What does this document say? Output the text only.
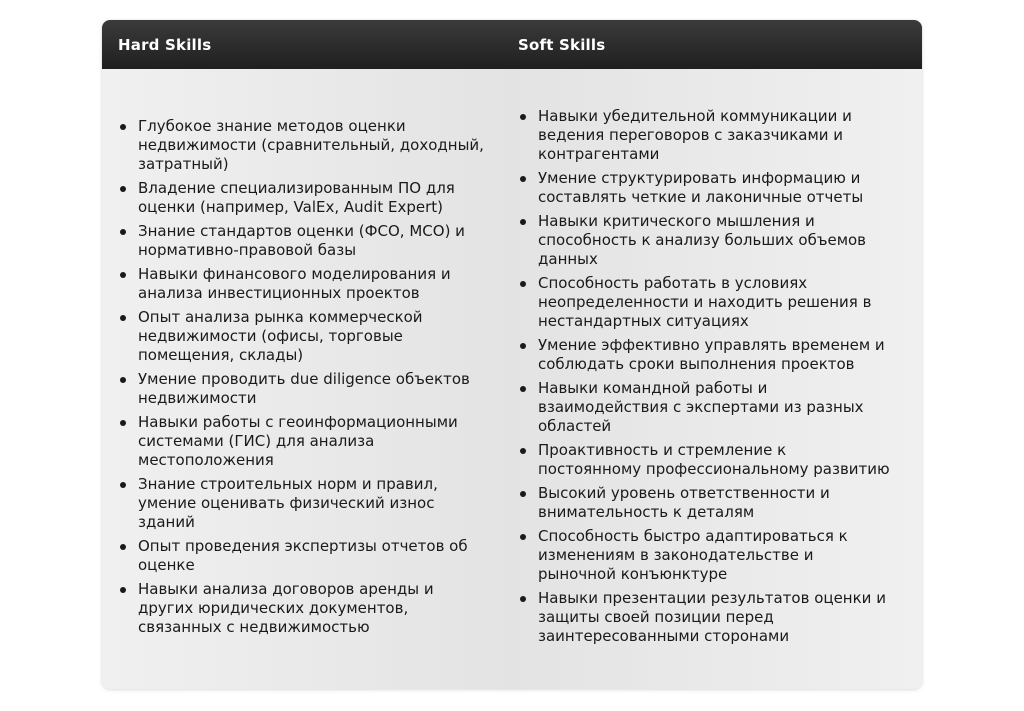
Hard Skills	Soft Skills
Глубокое знание методов оценки недвижимости (сравнительный, доходный, затратный)
Владение специализированным ПО для оценки (например, ValEx, Audit Expert)
Знание стандартов оценки (ФСО, МСО) и нормативно-правовой базы
Навыки финансового моделирования и анализа инвестиционных проектов
Опыт анализа рынка коммерческой недвижимости (офисы, торговые помещения, склады)
Умение проводить due diligence объектов недвижимости
Навыки работы с геоинформационными системами (ГИС) для анализа местоположения
Знание строительных норм и правил, умение оценивать физический износ зданий
Опыт проведения экспертизы отчетов об оценке
Навыки анализа договоров аренды и других юридических документов, связанных с недвижимостью
Навыки убедительной коммуникации и ведения переговоров с заказчиками и контрагентами
Умение структурировать информацию и составлять четкие и лаконичные отчеты
Навыки критического мышления и способность к анализу больших объемов данных
Способность работать в условиях неопределенности и находить решения в нестандартных ситуациях
Умение эффективно управлять временем и соблюдать сроки выполнения проектов
Навыки командной работы и взаимодействия с экспертами из разных областей
Проактивность и стремление к постоянному профессиональному развитию
Высокий уровень ответственности и внимательность к деталям
Способность быстро адаптироваться к изменениям в законодательстве и рыночной конъюнктуре
Навыки презентации результатов оценки и защиты своей позиции перед заинтересованными сторонами
